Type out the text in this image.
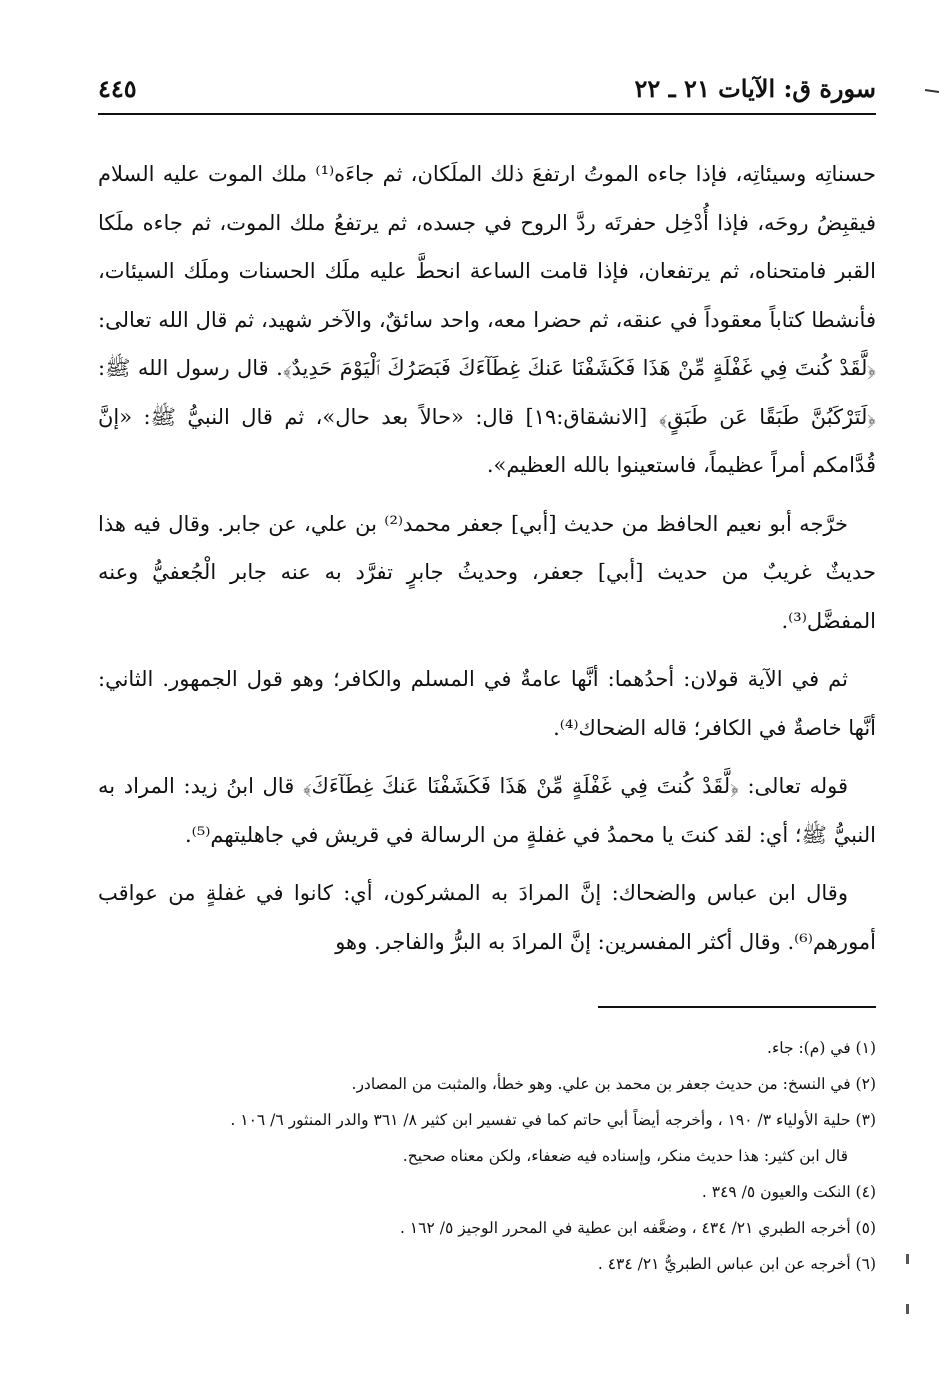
سورة ق: الآيات ٢١ ـ ٢٢
٤٤٥

حسناتِه وسيئاتِه، فإذا جاءه الموتُ ارتفعَ ذلك الملَكان، ثم جاءَه⁽¹⁾ ملك الموت عليه السلام فيقبِضُ روحَه، فإذا أُدْخِل حفرتَه ردَّ الروح في جسده، ثم يرتفعُ ملك الموت، ثم جاءه ملَكا القبر فامتحناه، ثم يرتفعان، فإذا قامت الساعة انحطَّ عليه ملَك الحسنات وملَك السيئات، فأنشطا كتاباً معقوداً في عنقه، ثم حضرا معه، واحد سائقٌ، والآخر شهيد، ثم قال الله تعالى: ﴿لَّقَدْ كُنتَ فِي غَفْلَةٍ مِّنْ هَذَا فَكَشَفْنَا عَنكَ غِطَآءَكَ فَبَصَرُكَ ٱلْيَوْمَ حَدِيدٌ﴾. قال رسول الله ﷺ: ﴿لَتَرْكَبُنَّ طَبَقًا عَن طَبَقٍ﴾ [الانشقاق:١٩] قال: «حالاً بعد حال»، ثم قال النبيُّ ﷺ: «إنَّ قُدَّامكم أمراً عظيماً، فاستعينوا بالله العظيم».

خرَّجه أبو نعيم الحافظ من حديث [أبي] جعفر محمد⁽²⁾ بن علي، عن جابر. وقال فيه هذا حديثٌ غريبٌ من حديث [أبي] جعفر، وحديثُ جابرٍ تفرَّد به عنه جابر الْجُعفيُّ وعنه المفضَّل⁽³⁾.

ثم في الآية قولان: أحدُهما: أنَّها عامةٌ في المسلم والكافر؛ وهو قول الجمهور. الثاني: أنَّها خاصةٌ في الكافر؛ قاله الضحاك⁽⁴⁾.

قوله تعالى: ﴿لَّقَدْ كُنتَ فِي غَفْلَةٍ مِّنْ هَذَا فَكَشَفْنَا عَنكَ غِطَآءَكَ﴾ قال ابنُ زيد: المراد به النبيُّ ﷺ؛ أي: لقد كنتَ يا محمدُ في غفلةٍ من الرسالة في قريش في جاهليتهم⁽⁵⁾.

وقال ابن عباس والضحاك: إنَّ المرادَ به المشركون، أي: كانوا في غفلةٍ من عواقب أمورهم⁽⁶⁾. وقال أكثر المفسرين: إنَّ المرادَ به البرُّ والفاجر. وهو

(١) في (م): جاء.
(٢) في النسخ: من حديث جعفر بن محمد بن علي. وهو خطأ، والمثبت من المصادر.
(٣) حلية الأولياء ٣/ ١٩٠ ، وأخرجه أيضاً أبي حاتم كما في تفسير ابن كثير ٨/ ٣٦١ والدر المنثور ٦/ ١٠٦ .
قال ابن كثير: هذا حديث منكر، وإسناده فيه ضعفاء، ولكن معناه صحيح.
(٤) النكت والعيون ٥/ ٣٤٩ .
(٥) أخرجه الطبري ٢١/ ٤٣٤ ، وضعَّفه ابن عطية في المحرر الوجيز ٥/ ١٦٢ .
(٦) أخرجه عن ابن عباس الطبريُّ ٢١/ ٤٣٤ .
